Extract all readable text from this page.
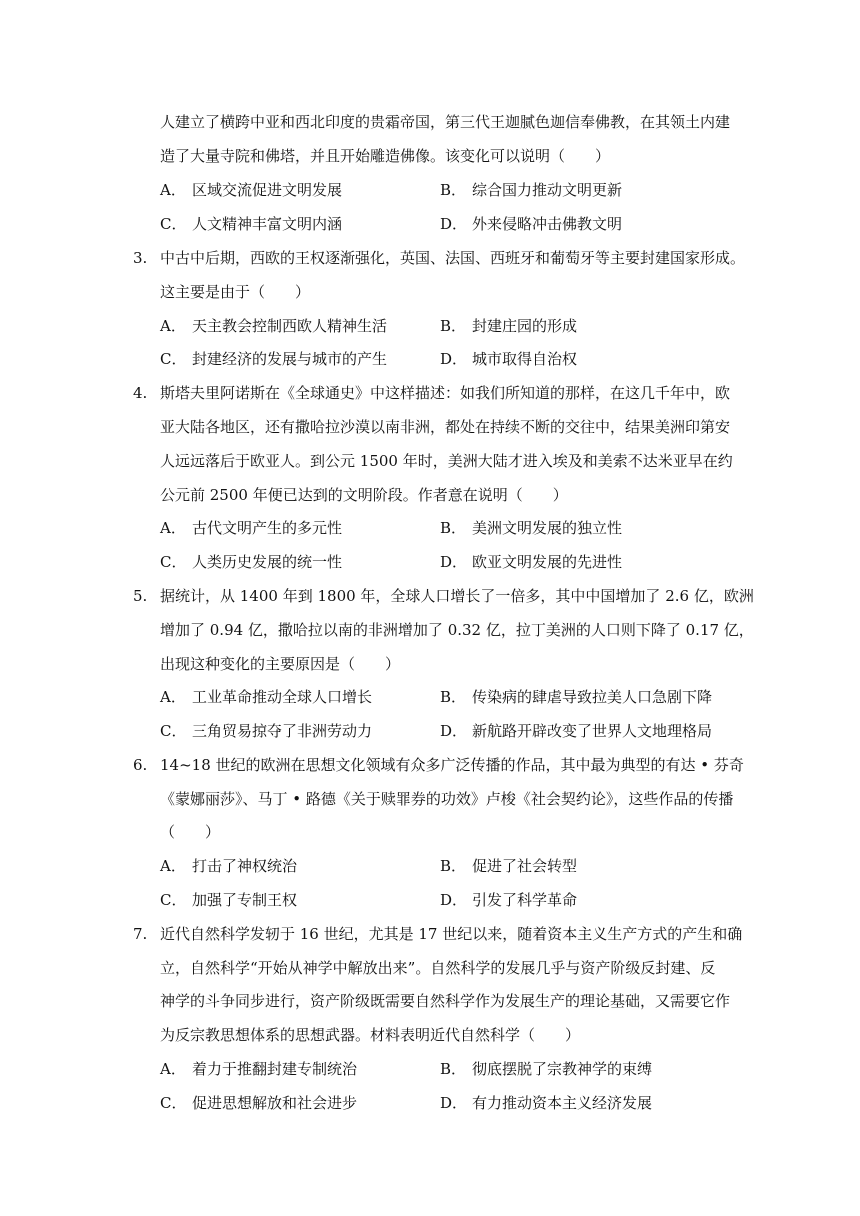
人建立了横跨中亚和西北印度的贵霜帝国，第三代王迦腻色迦信奉佛教，在其领土内建
造了大量寺院和佛塔，并且开始雕造佛像。该变化可以说明（　　）
A． 区域交流促进文明发展	B． 综合国力推动文明更新
C． 人文精神丰富文明内涵	D． 外来侵略冲击佛教文明
3. 中古中后期，西欧的王权逐渐强化，英国、法国、西班牙和葡萄牙等主要封建国家形成。
这主要是由于（　　）
A． 天主教会控制西欧人精神生活	B． 封建庄园的形成
C． 封建经济的发展与城市的产生	D． 城市取得自治权
4. 斯塔夫里阿诺斯在《全球通史》中这样描述：如我们所知道的那样，在这几千年中，欧
亚大陆各地区，还有撒哈拉沙漠以南非洲，都处在持续不断的交往中，结果美洲印第安
人远远落后于欧亚人。到公元 1500 年时，美洲大陆才进入埃及和美索不达米亚早在约
公元前 2500 年便已达到的文明阶段。作者意在说明（　　）
A． 古代文明产生的多元性	B． 美洲文明发展的独立性
C． 人类历史发展的统一性	D． 欧亚文明发展的先进性
5. 据统计，从 1400 年到 1800 年，全球人口增长了一倍多，其中中国增加了 2.6 亿，欧洲
增加了 0.94 亿，撒哈拉以南的非洲增加了 0.32 亿，拉丁美洲的人口则下降了 0.17 亿，
出现这种变化的主要原因是（　　）
A． 工业革命推动全球人口增长	B． 传染病的肆虐导致拉美人口急剧下降
C． 三角贸易掠夺了非洲劳动力	D． 新航路开辟改变了世界人文地理格局
6. 14~18 世纪的欧洲在思想文化领域有众多广泛传播的作品，其中最为典型的有达 • 芬奇
《蒙娜丽莎》、马丁 • 路德《关于赎罪券的功效》卢梭《社会契约论》，这些作品的传播
（　　）
A． 打击了神权统治	B． 促进了社会转型
C． 加强了专制王权	D． 引发了科学革命
7. 近代自然科学发轫于 16 世纪，尤其是 17 世纪以来，随着资本主义生产方式的产生和确
立，自然科学“开始从神学中解放出来”。自然科学的发展几乎与资产阶级反封建、反
神学的斗争同步进行，资产阶级既需要自然科学作为发展生产的理论基础，又需要它作
为反宗教思想体系的思想武器。材料表明近代自然科学（　　）
A． 着力于推翻封建专制统治	B． 彻底摆脱了宗教神学的束缚
C． 促进思想解放和社会进步	D． 有力推动资本主义经济发展
